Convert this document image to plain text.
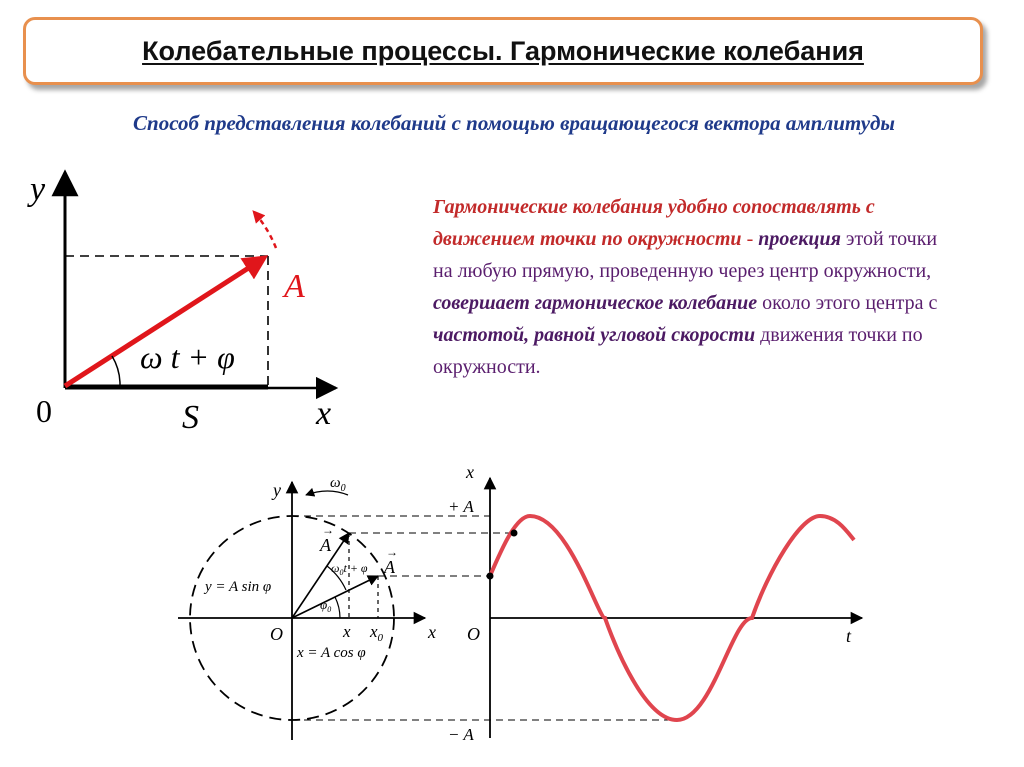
Колебательные процессы. Гармонические колебания
Способ представления колебаний с помощью вращающегося вектора амплитуды
Гармонические колебания удобно сопоставлять с движением точки по окружности - проекция этой точки на любую прямую, проведенную через центр окружности,
совершает гармоническое колебание около этого центра с частотой, равной угловой скорости движения точки по окружности.
y
0	x
S
A
ω t + φ
y
x
O
$\omega_0$
A
A
→
→
$\omega_0t + \varphi$
$\varphi_0$
x $x_0$
y = A sin φ
x = A cos φ
x
t
O
+ A
− A
